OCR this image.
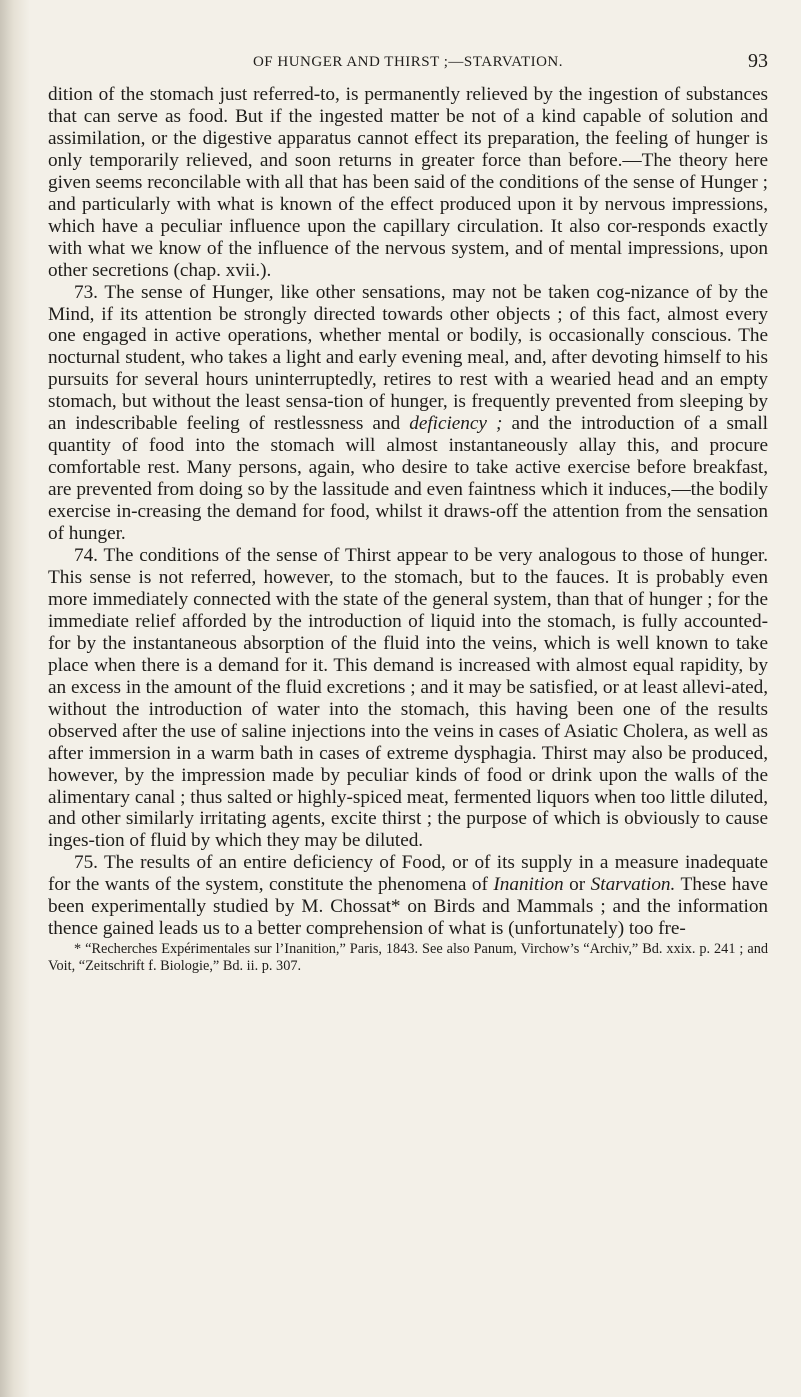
OF HUNGER AND THIRST ;—STARVATION.	93

dition of the stomach just referred-to, is permanently relieved by the ingestion of substances that can serve as food. But if the ingested matter be not of a kind capable of solution and assimilation, or the digestive apparatus cannot effect its preparation, the feeling of hunger is only temporarily relieved, and soon returns in greater force than before.—The theory here given seems reconcilable with all that has been said of the conditions of the sense of Hunger ; and particularly with what is known of the effect produced upon it by nervous impressions, which have a peculiar influence upon the capillary circulation. It also cor-responds exactly with what we know of the influence of the nervous system, and of mental impressions, upon other secretions (chap. xvii.).

73. The sense of Hunger, like other sensations, may not be taken cog-nizance of by the Mind, if its attention be strongly directed towards other objects ; of this fact, almost every one engaged in active operations, whether mental or bodily, is occasionally conscious. The nocturnal student, who takes a light and early evening meal, and, after devoting himself to his pursuits for several hours uninterruptedly, retires to rest with a wearied head and an empty stomach, but without the least sensa-tion of hunger, is frequently prevented from sleeping by an indescribable feeling of restlessness and deficiency ; and the introduction of a small quantity of food into the stomach will almost instantaneously allay this, and procure comfortable rest. Many persons, again, who desire to take active exercise before breakfast, are prevented from doing so by the lassitude and even faintness which it induces,—the bodily exercise in-creasing the demand for food, whilst it draws-off the attention from the sensation of hunger.

74. The conditions of the sense of Thirst appear to be very analogous to those of hunger. This sense is not referred, however, to the stomach, but to the fauces. It is probably even more immediately connected with the state of the general system, than that of hunger ; for the immediate relief afforded by the introduction of liquid into the stomach, is fully accounted-for by the instantaneous absorption of the fluid into the veins, which is well known to take place when there is a demand for it. This demand is increased with almost equal rapidity, by an excess in the amount of the fluid excretions ; and it may be satisfied, or at least allevi-ated, without the introduction of water into the stomach, this having been one of the results observed after the use of saline injections into the veins in cases of Asiatic Cholera, as well as after immersion in a warm bath in cases of extreme dysphagia. Thirst may also be produced, however, by the impression made by peculiar kinds of food or drink upon the walls of the alimentary canal ; thus salted or highly-spiced meat, fermented liquors when too little diluted, and other similarly irritating agents, excite thirst ; the purpose of which is obviously to cause inges-tion of fluid by which they may be diluted.

75. The results of an entire deficiency of Food, or of its supply in a measure inadequate for the wants of the system, constitute the phenomena of Inanition or Starvation. These have been experimentally studied by M. Chossat* on Birds and Mammals ; and the information thence gained leads us to a better comprehension of what is (unfortunately) too fre-

* “Recherches Expérimentales sur l’Inanition,” Paris, 1843. See also Panum, Virchow’s “Archiv,” Bd. xxix. p. 241 ; and Voit, “Zeitschrift f. Biologie,” Bd. ii. p. 307.
